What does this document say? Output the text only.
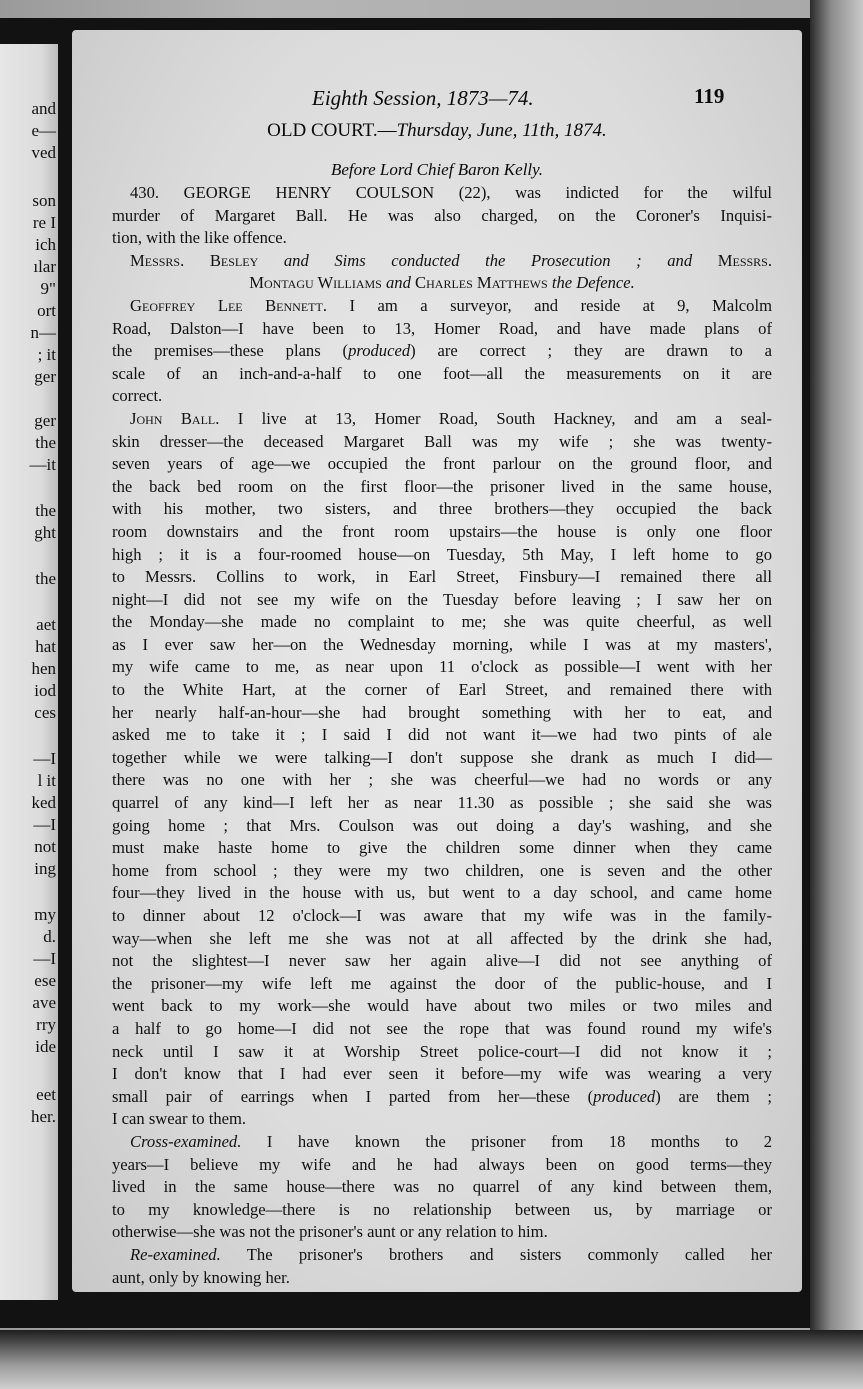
and
e—
ved
son
re I
ich
ılar
9"
ort
n—
; it
ger
ger
the
—it
the
ght
the
aet
hat
hen
iod
ces
—I
l it
ked
—I
not
ing
my
d.
—I
ese
ave
rry
ide
eet
her.
Eighth Session, 1873—74.	119
OLD COURT.—Thursday, June, 11th, 1874.
Before Lord Chief Baron Kelly.
430. GEORGE HENRY COULSON (22), was indicted for the wilful
murder of Margaret Ball. He was also charged, on the Coroner's Inquisi-
tion, with the like offence.
Messrs. Besley and Sims conducted the Prosecution ; and Messrs.
Montagu Williams and Charles Matthews the Defence.
Geoffrey Lee Bennett. I am a surveyor, and reside at 9, Malcolm
Road, Dalston—I have been to 13, Homer Road, and have made plans of
the premises—these plans (produced) are correct ; they are drawn to a
scale of an inch-and-a-half to one foot—all the measurements on it are
correct.
John Ball. I live at 13, Homer Road, South Hackney, and am a seal-
skin dresser—the deceased Margaret Ball was my wife ; she was twenty-
seven years of age—we occupied the front parlour on the ground floor, and
the back bed room on the first floor—the prisoner lived in the same house,
with his mother, two sisters, and three brothers—they occupied the back
room downstairs and the front room upstairs—the house is only one floor
high ; it is a four-roomed house—on Tuesday, 5th May, I left home to go
to Messrs. Collins to work, in Earl Street, Finsbury—I remained there all
night—I did not see my wife on the Tuesday before leaving ; I saw her on
the Monday—she made no complaint to me; she was quite cheerful, as well
as I ever saw her—on the Wednesday morning, while I was at my masters',
my wife came to me, as near upon 11 o'clock as possible—I went with her
to the White Hart, at the corner of Earl Street, and remained there with
her nearly half-an-hour—she had brought something with her to eat, and
asked me to take it ; I said I did not want it—we had two pints of ale
together while we were talking—I don't suppose she drank as much I did—
there was no one with her ; she was cheerful—we had no words or any
quarrel of any kind—I left her as near 11.30 as possible ; she said she was
going home ; that Mrs. Coulson was out doing a day's washing, and she
must make haste home to give the children some dinner when they came
home from school ; they were my two children, one is seven and the other
four—they lived in the house with us, but went to a day school, and came home
to dinner about 12 o'clock—I was aware that my wife was in the family-
way—when she left me she was not at all affected by the drink she had,
not the slightest—I never saw her again alive—I did not see anything of
the prisoner—my wife left me against the door of the public-house, and I
went back to my work—she would have about two miles or two miles and
a half to go home—I did not see the rope that was found round my wife's
neck until I saw it at Worship Street police-court—I did not know it ;
I don't know that I had ever seen it before—my wife was wearing a very
small pair of earrings when I parted from her—these (produced) are them ;
I can swear to them.
Cross-examined. I have known the prisoner from 18 months to 2
years—I believe my wife and he had always been on good terms—they
lived in the same house—there was no quarrel of any kind between them,
to my knowledge—there is no relationship between us, by marriage or
otherwise—she was not the prisoner's aunt or any relation to him.
Re-examined. The prisoner's brothers and sisters commonly called her
aunt, only by knowing her.
